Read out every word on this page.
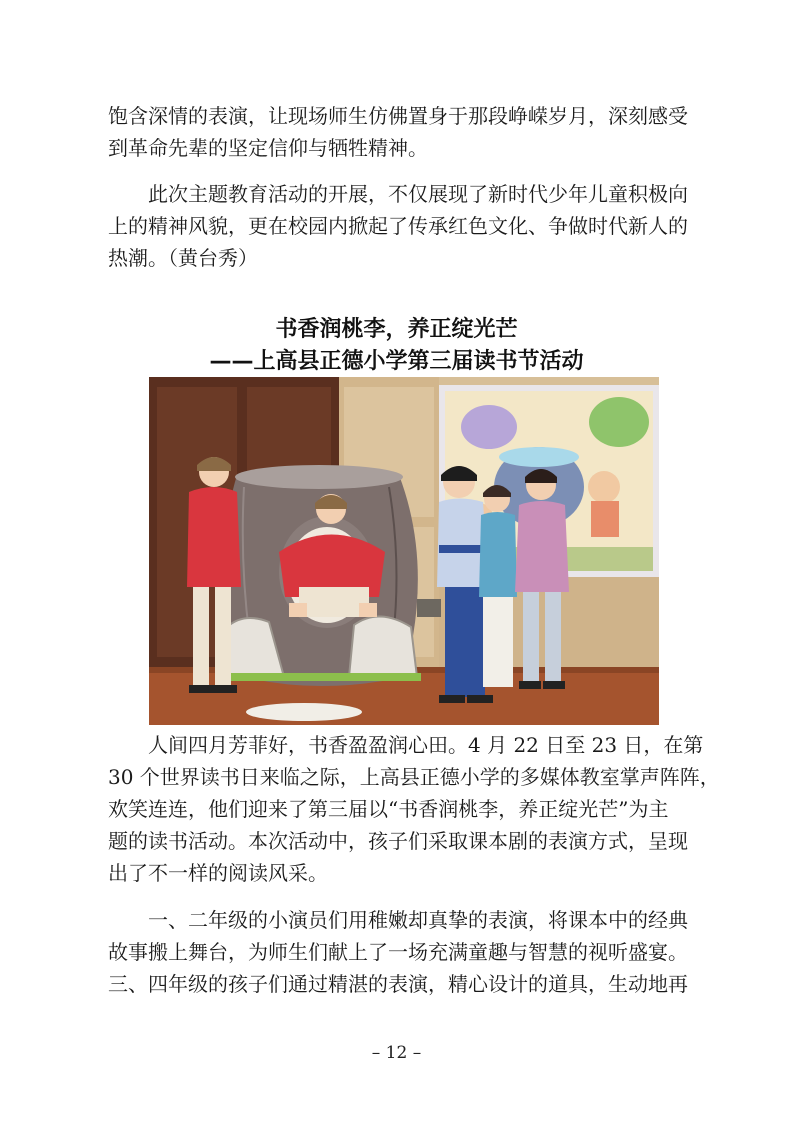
饱含深情的表演，让现场师生仿佛置身于那段峥嵘岁月，深刻感受
到革命先辈的坚定信仰与牺牲精神。
此次主题教育活动的开展，不仅展现了新时代少年儿童积极向
上的精神风貌，更在校园内掀起了传承红色文化、争做时代新人的
热潮。（黄台秀）
书香润桃李，养正绽光芒
——上高县正德小学第三届读书节活动
人间四月芳菲好，书香盈盈润心田。4 月 22 日至 23 日，在第
30 个世界读书日来临之际，上高县正德小学的多媒体教室掌声阵阵，
欢笑连连，他们迎来了第三届以“书香润桃李，养正绽光芒”为主
题的读书活动。本次活动中，孩子们采取课本剧的表演方式，呈现
出了不一样的阅读风采。
一、二年级的小演员们用稚嫩却真挚的表演，将课本中的经典
故事搬上舞台，为师生们献上了一场充满童趣与智慧的视听盛宴。
三、四年级的孩子们通过精湛的表演，精心设计的道具，生动地再
– 12 –
